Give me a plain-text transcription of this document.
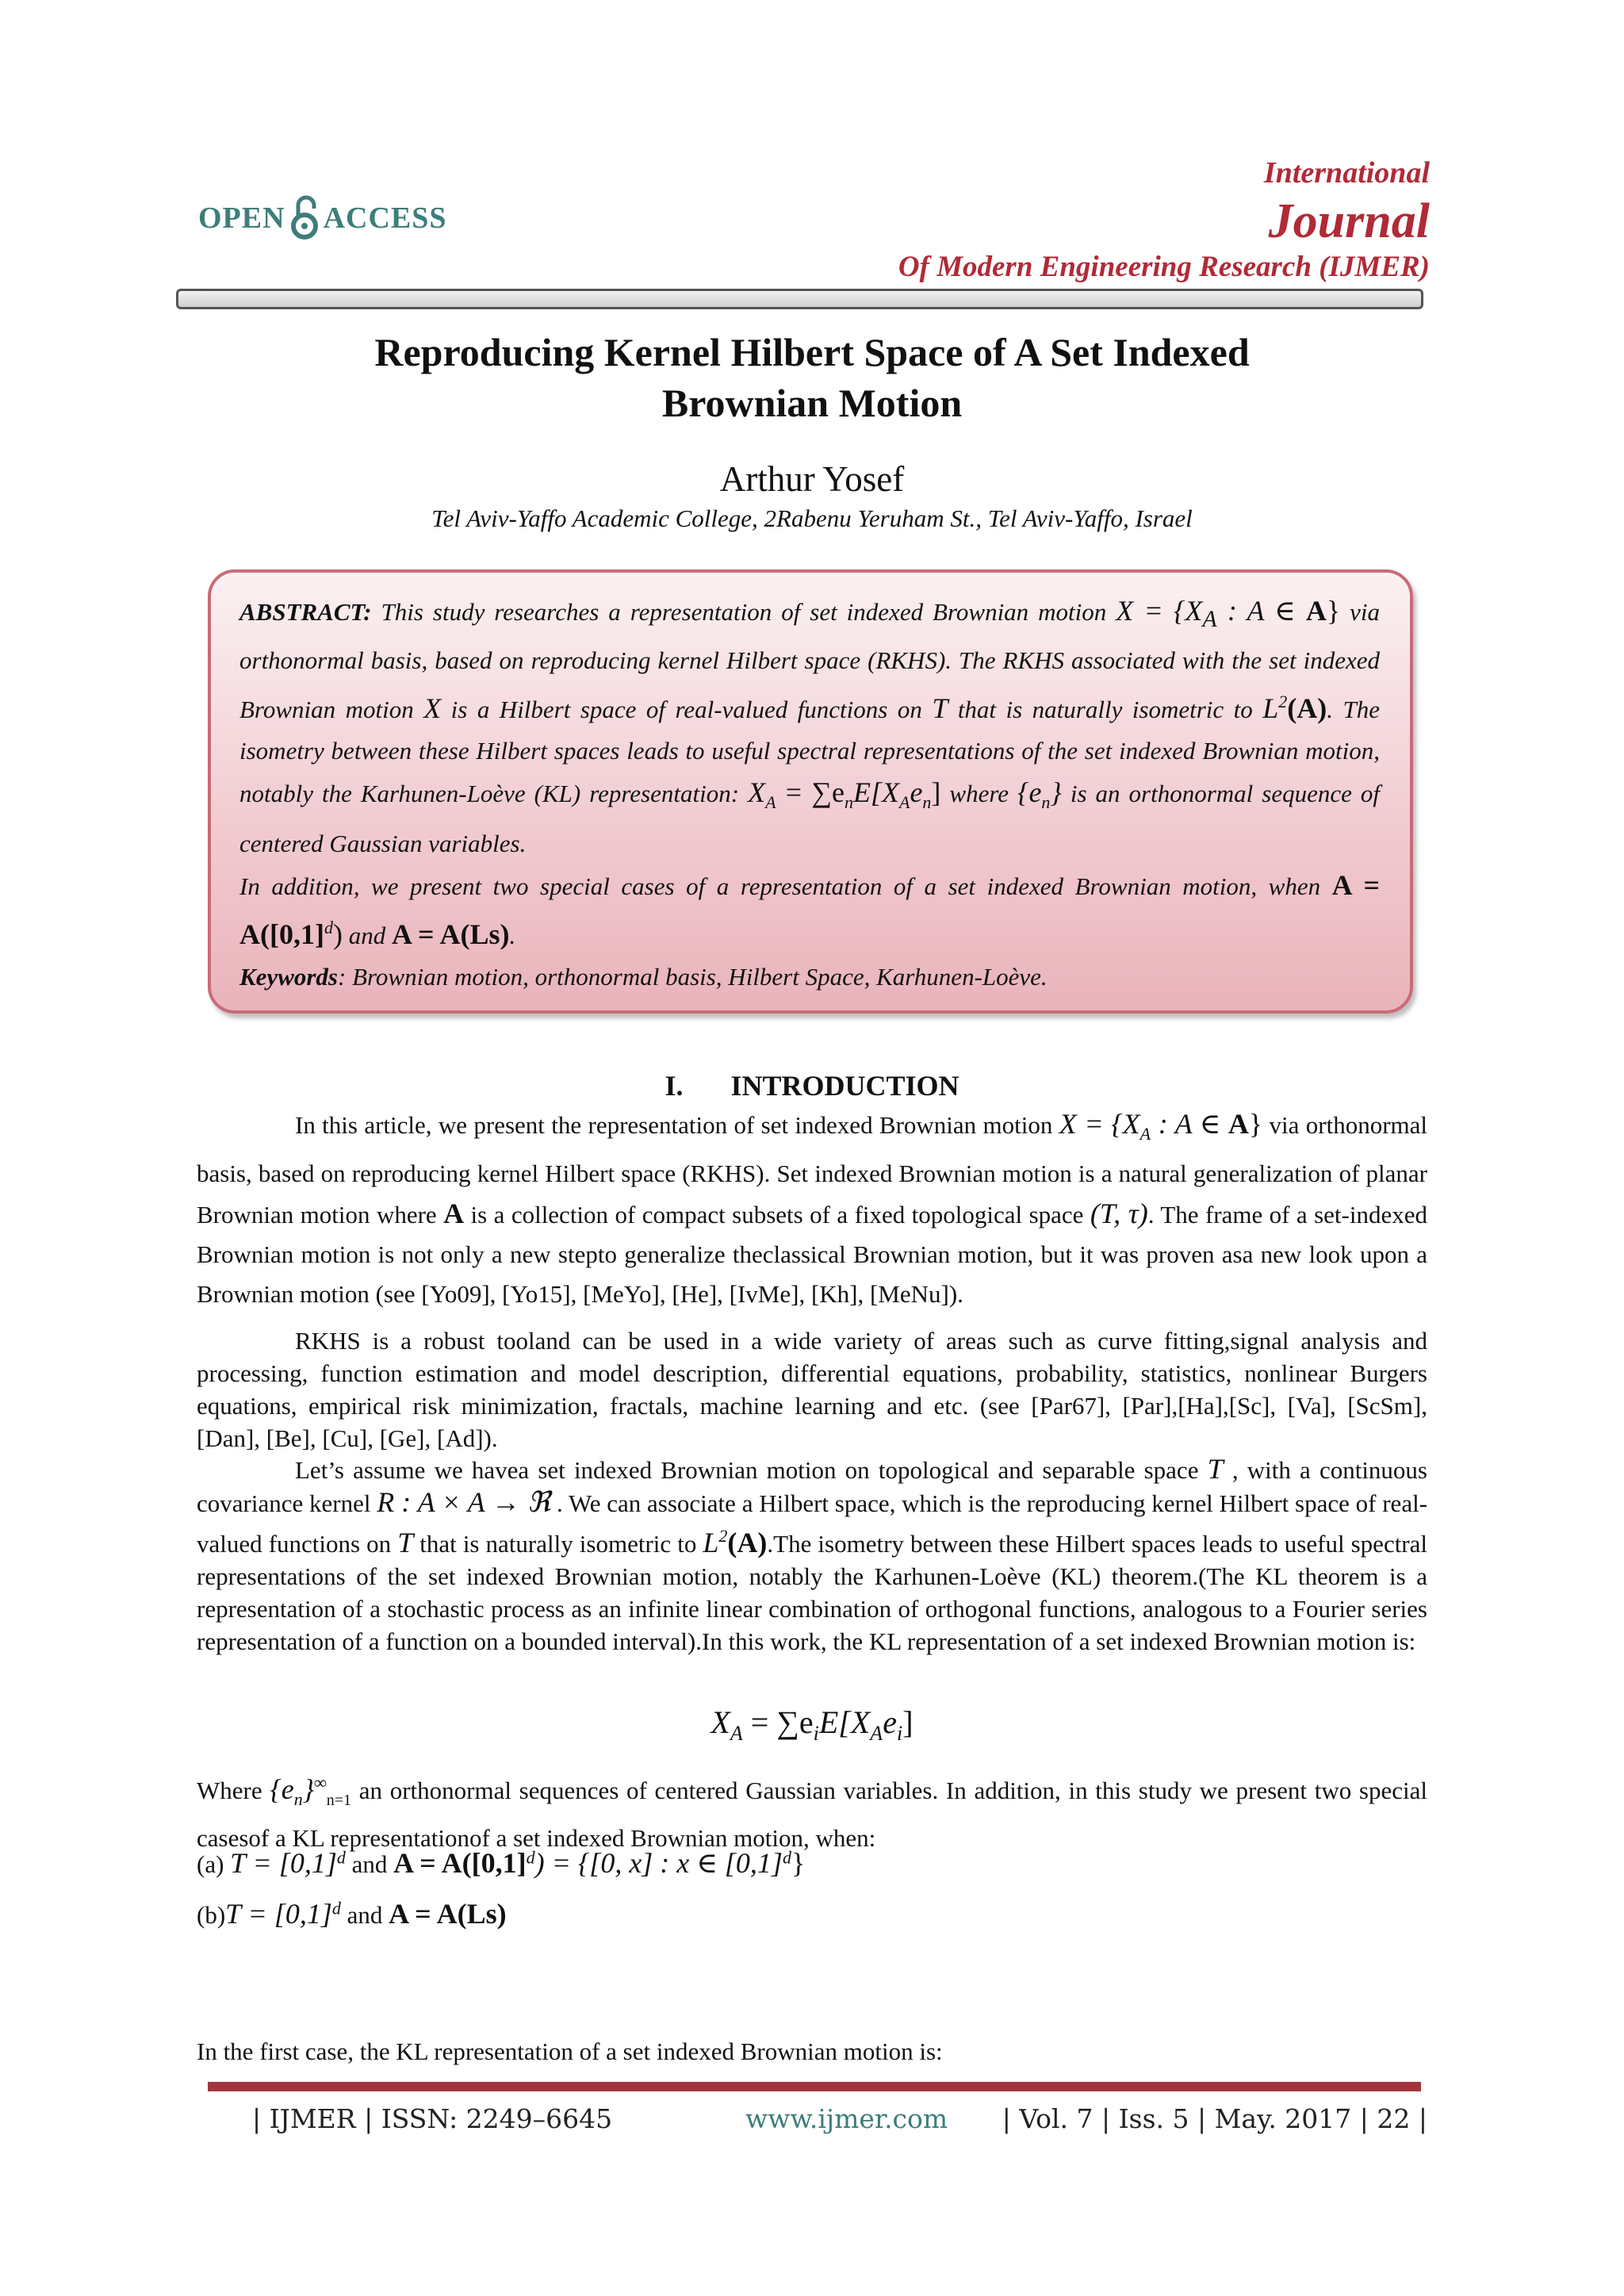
OPEN ACCESS
International
Journal
Of Modern Engineering Research (IJMER)
Reproducing Kernel Hilbert Space of A Set Indexed
Brownian Motion
Arthur Yosef
Tel Aviv-Yaffo Academic College, 2Rabenu Yeruham St., Tel Aviv-Yaffo, Israel

ABSTRACT: This study researches a representation of set indexed Brownian motion $X = \{X_A$ : A ∈ A} via orthonormal basis, based on reproducing kernel Hilbert space (RKHS). The RKHS associated with the set indexed Brownian motion X is a Hilbert space of real-valued functions on T that is naturally isometric to $L^2(A)$. The isometry between these Hilbert spaces leads to useful spectral representations of the set indexed Brownian motion, notably the Karhunen-Loève (KL) representation: $X_A = \sum e_nE[X_Ae_n]$ where $\{e_n\}$ is an orthonormal sequence of centered Gaussian variables.

In addition, we present two special cases of a representation of a set indexed Brownian motion, when $A = A([0,1]^d)$ and A = A(Ls).

Keywords: Brownian motion, orthonormal basis, Hilbert Space, Karhunen-Loève.

I. INTRODUCTION

In this article, we present the representation of set indexed Brownian motion $X = \{X_A$ : A ∈ A} via orthonormal basis, based on reproducing kernel Hilbert space (RKHS). Set indexed Brownian motion is a natural generalization of planar Brownian motion where A is a collection of compact subsets of a fixed topological space (T, τ). The frame of a set-indexed Brownian motion is not only a new stepto generalize theclassical Brownian motion, but it was proven asa new look upon a Brownian motion (see [Yo09], [Yo15], [MeYo], [He], [IvMe], [Kh], [MeNu]).

RKHS is a robust tooland can be used in a wide variety of areas such as curve fitting,signal analysis and processing, function estimation and model description, differential equations, probability, statistics, nonlinear Burgers equations, empirical risk minimization, fractals, machine learning and etc. (see [Par67], [Par],[Ha],[Sc], [Va], [ScSm], [Dan], [Be], [Cu], [Ge], [Ad]).

Let’s assume we havea set indexed Brownian motion on topological and separable space T , with a continuous covariance kernel R : A × A → ℜ . We can associate a Hilbert space, which is the reproducing kernel Hilbert space of real-valued functions on T that is naturally isometric to $L^2(A).The$ isometry between these Hilbert spaces leads to useful spectral representations of the set indexed Brownian motion, notably the Karhunen-Loève (KL) theorem.(The KL theorem is a representation of a stochastic process as an infinite linear combination of orthogonal functions, analogous to a Fourier series representation of a function on a bounded interval).In this work, the KL representation of a set indexed Brownian motion is:

$X_A = \sum e_iE[X_Ae_i]$

Where $\{e_n\}^\infty_{n=1}$ an orthonormal sequences of centered Gaussian variables. In addition, in this study we present two special casesof a KL representationof a set indexed Brownian motion, when:

(a) $T = [0,1]^d$ and $A = A([0,1]^d) = \{[0$, x] : x ∈ $[0,1]^d$}
$(b)T = [0,1]^d$ and A = A(Ls)

In the first case, the KL representation of a set indexed Brownian motion is:

| IJMER | ISSN: 2249–6645	www.ijmer.com | Vol. 7 | Iss. 5 | May. 2017 | 22 |
